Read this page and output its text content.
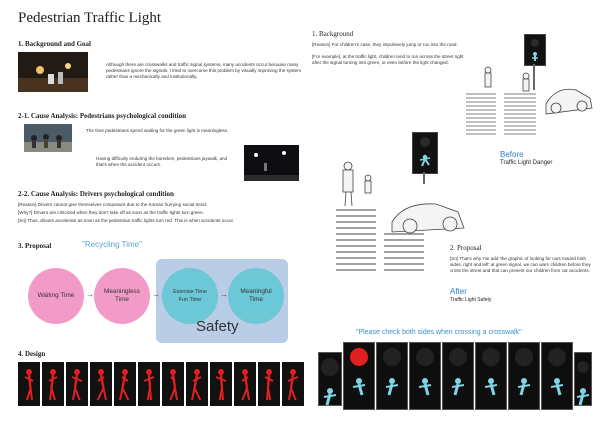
Pedestrian Traffic Light
1. Background and Goal
Although there are crosswalks and traffic signal systems, many accidents occur because many pedestrians ignore the signals. I tried to overcome this problem by visually improving the system rather than a mechanically and institutionally.
2-1. Cause Analysis: Pedestrians psychological condition
The time pedestrians spend waiting for the green light is meaningless.
Having difficulty enduring the boredom, pedestrians jaywalk, and that's when the accident occurs.
2-2. Cause Analysis: Drivers psychological condition
[Reason] Drivers cannot give themselves composure due to the Korean hurrying social trend.
[Why?] Drivers are criticized when they don't take off as soon as the traffic lights turn green.
[So] Thus, drivers accelerate as soon as the pedestrian traffic lights turn red. This is when accidents occur.
3. Proposal	"Recycling Time"
Waiting Time → Meaningless Time
→	Exercise Time Fun Time
→	Meaningful Time
Safety
4. Design
1. Background
[Reason] For children's case, they impulsively jump or run into the road.
[For example], at the traffic light, children tend to run across the street right after the signal turning into green, or even before the light changed.
Before
Traffic Light Danger
2. Proposal
[So] That's why I've add 'the graphic of looking for cars toward both sides, right and left' at green signal, we can warn children before they cross the street and that can prevent our children from car accidents.
After
Traffic Light Safety
"Please check both sides when crossing a crosswalk"
